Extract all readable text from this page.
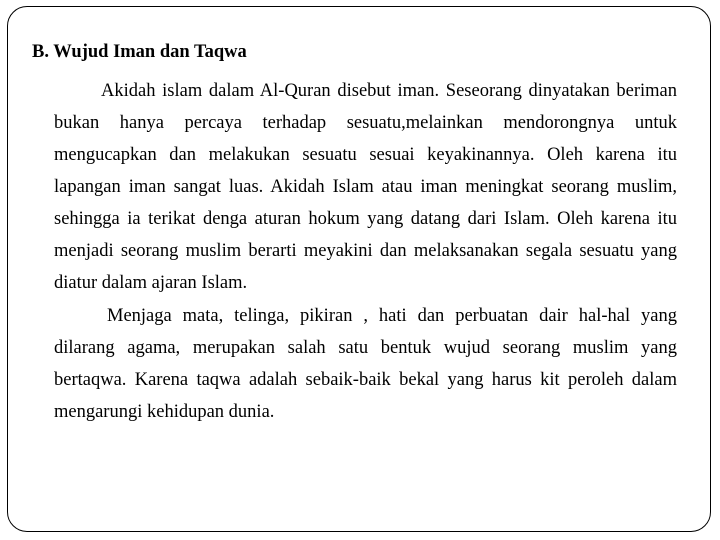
B. Wujud Iman dan Taqwa

Akidah islam dalam Al-Quran disebut iman. Seseorang dinyatakan beriman bukan hanya percaya terhadap sesuatu,melainkan mendorongnya untuk mengucapkan dan melakukan sesuatu sesuai keyakinannya. Oleh karena itu lapangan iman sangat luas. Akidah Islam atau iman meningkat seorang muslim, sehingga ia terikat denga aturan hokum yang datang dari Islam. Oleh karena itu menjadi seorang muslim berarti meyakini dan melaksanakan segala sesuatu yang diatur dalam ajaran Islam.

Menjaga mata, telinga, pikiran , hati dan perbuatan dair hal-hal yang dilarang agama, merupakan salah satu bentuk wujud seorang muslim yang bertaqwa. Karena taqwa adalah sebaik-baik bekal yang harus kit peroleh dalam mengarungi kehidupan dunia.
